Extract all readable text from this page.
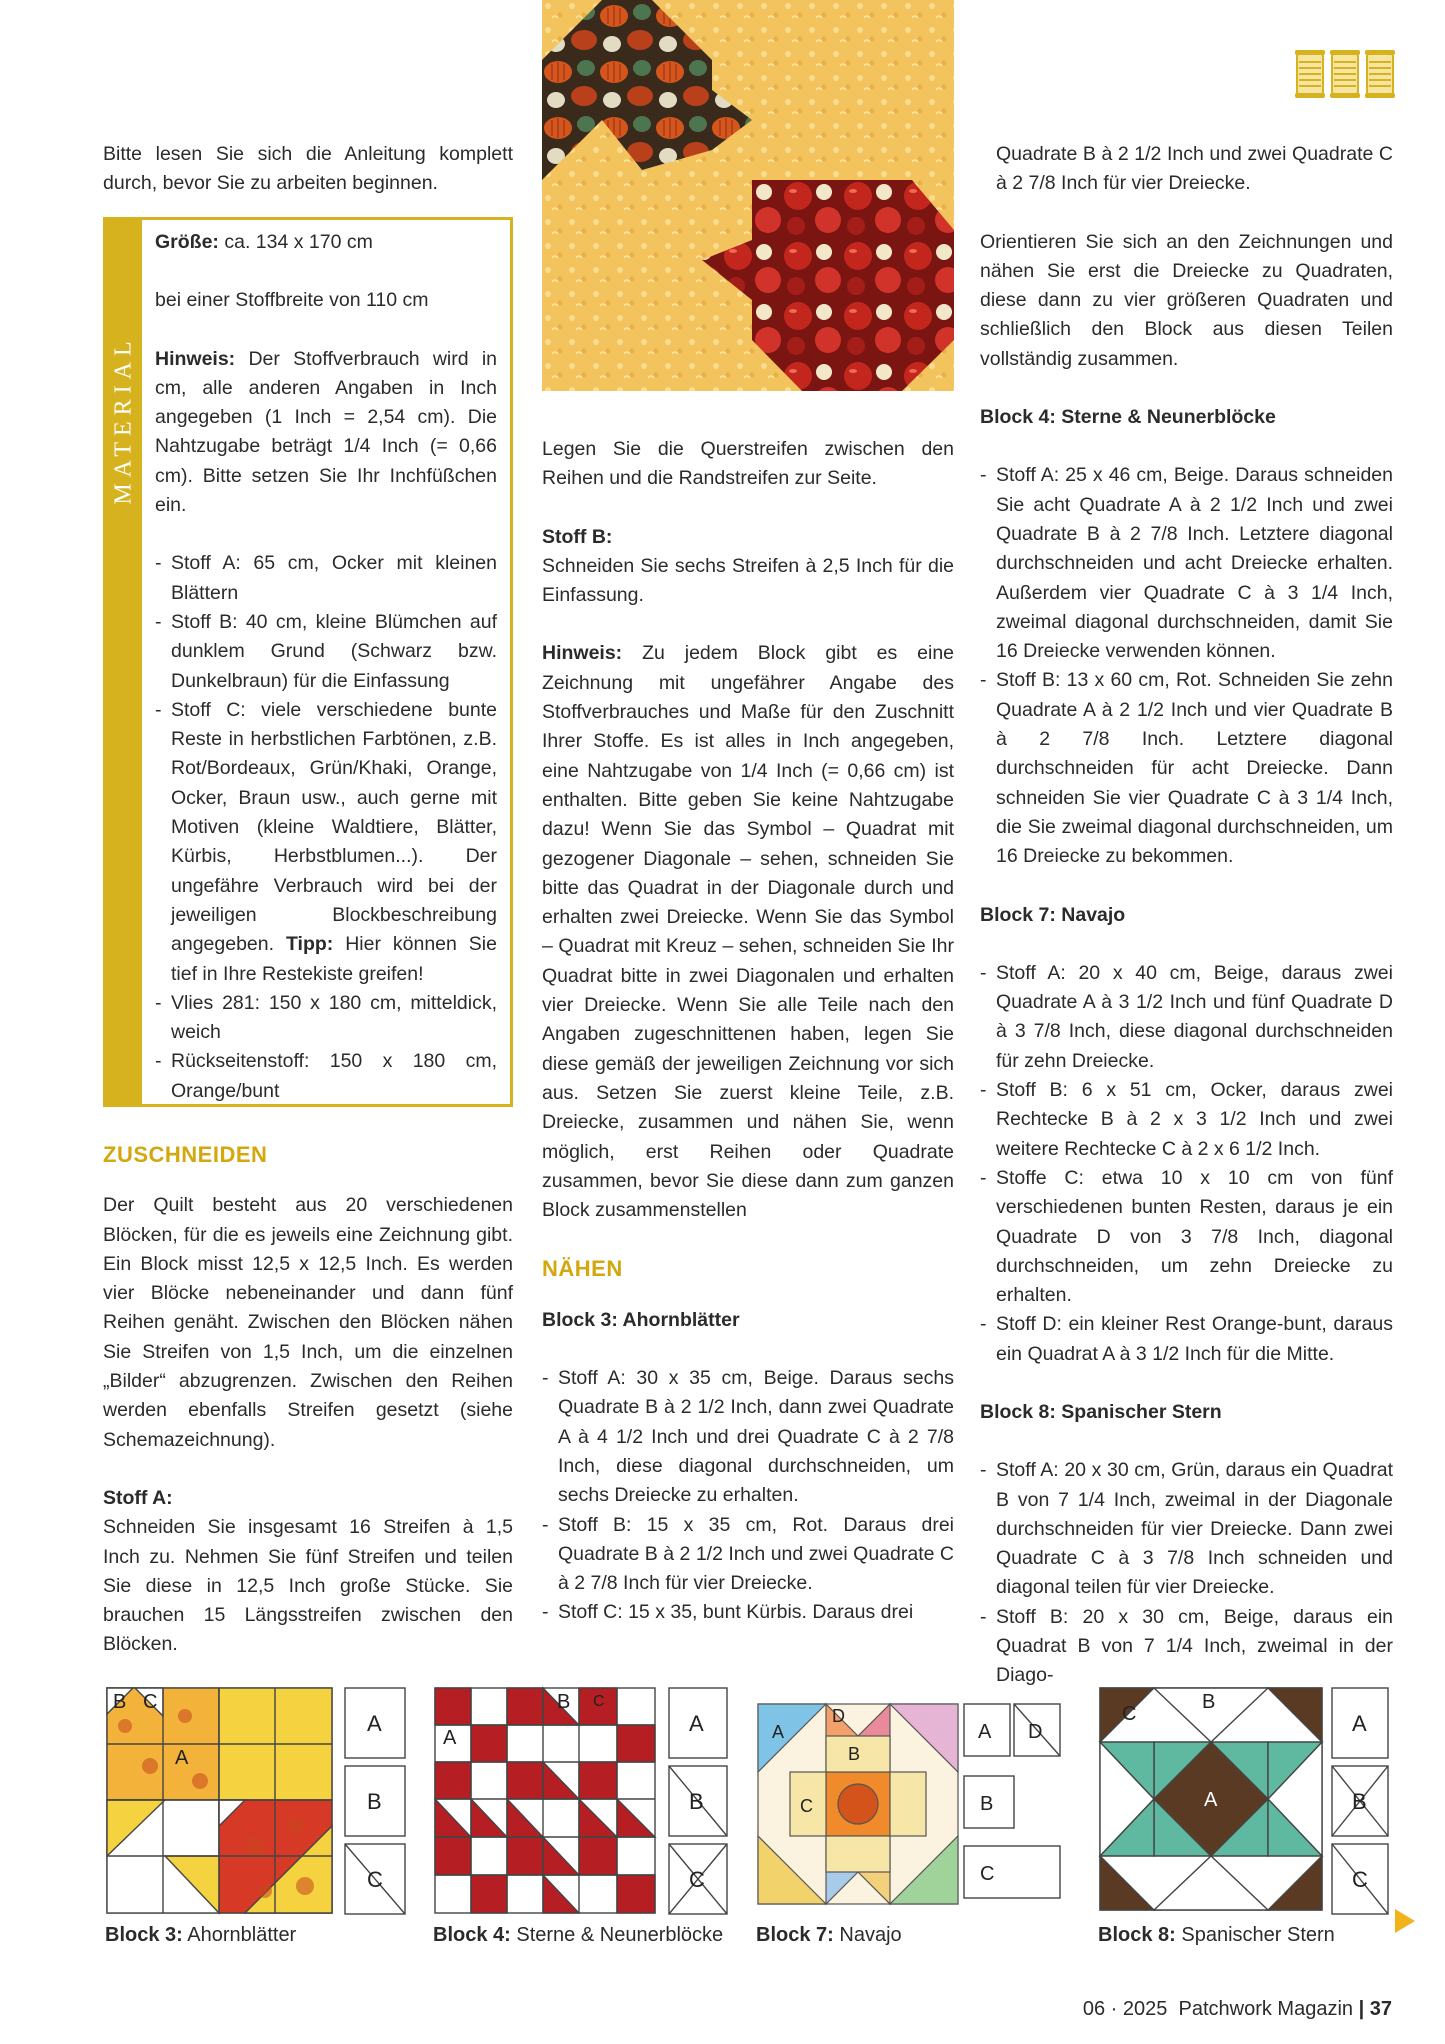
Bitte lesen Sie sich die Anleitung komplett durch, bevor Sie zu arbeiten beginnen.

MATERIAL

Größe: ca. 134 x 170 cm

bei einer Stoffbreite von 110 cm

Hinweis: Der Stoffverbrauch wird in cm, alle anderen Angaben in Inch angegeben (1 Inch = 2,54 cm). Die Nahtzugabe beträgt 1/4 Inch (= 0,66 cm). Bitte setzen Sie Ihr Inchfüßchen ein.

- Stoff A: 65 cm, Ocker mit kleinen Blättern
- Stoff B: 40 cm, kleine Blümchen auf dunklem Grund (Schwarz bzw. Dunkelbraun) für die Einfassung
- Stoff C: viele verschiedene bunte Reste in herbstlichen Farbtönen, z.B. Rot/Bordeaux, Grün/Khaki, Orange, Ocker, Braun usw., auch gerne mit Motiven (kleine Waldtiere, Blätter, Kürbis, Herbstblumen...). Der ungefähre Verbrauch wird bei der jeweiligen Blockbeschreibung angegeben. Tipp: Hier können Sie tief in Ihre Restekiste greifen!
- Vlies 281: 150 x 180 cm, mitteldick, weich
- Rückseitenstoff: 150 x 180 cm, Orange/bunt
ZUSCHNEIDEN

Der Quilt besteht aus 20 verschiedenen Blöcken, für die es jeweils eine Zeichnung gibt. Ein Block misst 12,5 x 12,5 Inch. Es werden vier Blöcke nebeneinander und dann fünf Reihen genäht. Zwischen den Blöcken nähen Sie Streifen von 1,5 Inch, um die einzelnen „Bilder“ abzugrenzen. Zwischen den Reihen werden ebenfalls Streifen gesetzt (siehe Schemazeichnung).

Stoff A:

Schneiden Sie insgesamt 16 Streifen à 1,5 Inch zu. Nehmen Sie fünf Streifen und teilen Sie diese in 12,5 Inch große Stücke. Sie brauchen 15 Längsstreifen zwischen den Blöcken.

Legen Sie die Querstreifen zwischen den Reihen und die Randstreifen zur Seite.

Stoff B:

Schneiden Sie sechs Streifen à 2,5 Inch für die Einfassung.

Hinweis: Zu jedem Block gibt es eine Zeichnung mit ungefährer Angabe des Stoffverbrauches und Maße für den Zuschnitt Ihrer Stoffe. Es ist alles in Inch angegeben, eine Nahtzugabe von 1/4 Inch (= 0,66 cm) ist enthalten. Bitte geben Sie keine Nahtzugabe dazu! Wenn Sie das Symbol – Quadrat mit gezogener Diagonale – sehen, schneiden Sie bitte das Quadrat in der Diagonale durch und erhalten zwei Dreiecke. Wenn Sie das Symbol – Quadrat mit Kreuz – sehen, schneiden Sie Ihr Quadrat bitte in zwei Diagonalen und erhalten vier Dreiecke. Wenn Sie alle Teile nach den Angaben zugeschnittenen haben, legen Sie diese gemäß der jeweiligen Zeichnung vor sich aus. Setzen Sie zuerst kleine Teile, z.B. Dreiecke, zusammen und nähen Sie, wenn möglich, erst Reihen oder Quadrate zusammen, bevor Sie diese dann zum ganzen Block zusammenstellen

NÄHEN
Block 3: Ahornblätter
- Stoff A: 30 x 35 cm, Beige. Daraus sechs Quadrate B à 2 1/2 Inch, dann zwei Quadrate A à 4 1/2 Inch und drei Quadrate C à 2 7/8 Inch, diese diagonal durchschneiden, um sechs Dreiecke zu erhalten.
- Stoff B: 15 x 35 cm, Rot. Daraus drei Quadrate B à 2 1/2 Inch und zwei Quadrate C à 2 7/8 Inch für vier Dreiecke.
- Stoff C: 15 x 35, bunt Kürbis. Daraus drei

Quadrate B à 2 1/2 Inch und zwei Quadrate C à 2 7/8 Inch für vier Dreiecke.

Orientieren Sie sich an den Zeichnungen und nähen Sie erst die Dreiecke zu Quadraten, diese dann zu vier größeren Quadraten und schließlich den Block aus diesen Teilen vollständig zusammen.

Block 4: Sterne & Neunerblöcke
- Stoff A: 25 x 46 cm, Beige. Daraus schneiden Sie acht Quadrate A à 2 1/2 Inch und zwei Quadrate B à 2 7/8 Inch. Letztere diagonal durchschneiden und acht Dreiecke erhalten. Außerdem vier Quadrate C à 3 1/4 Inch, zweimal diagonal durchschneiden, damit Sie 16 Dreiecke verwenden können.
- Stoff B: 13 x 60 cm, Rot. Schneiden Sie zehn Quadrate A à 2 1/2 Inch und vier Quadrate B à 2 7/8 Inch. Letztere diagonal durchschneiden für acht Dreiecke. Dann schneiden Sie vier Quadrate C à 3 1/4 Inch, die Sie zweimal diagonal durchschneiden, um 16 Dreiecke zu bekommen.
Block 7: Navajo
- Stoff A: 20 x 40 cm, Beige, daraus zwei Quadrate A à 3 1/2 Inch und fünf Quadrate D à 3 7/8 Inch, diese diagonal durchschneiden für zehn Dreiecke.
- Stoff B: 6 x 51 cm, Ocker, daraus zwei Rechtecke B à 2 x 3 1/2 Inch und zwei weitere Rechtecke C à 2 x 6 1/2 Inch.
- Stoffe C: etwa 10 x 10 cm von fünf verschiedenen bunten Resten, daraus je ein Quadrate D von 3 7/8 Inch, diagonal durchschneiden, um zehn Dreiecke zu erhalten.
- Stoff D: ein kleiner Rest Orange-bunt, daraus ein Quadrat A à 3 1/2 Inch für die Mitte.
Block 8: Spanischer Stern
- Stoff A: 20 x 30 cm, Grün, daraus ein Quadrat B von 7 1/4 Inch, zweimal in der Diagonale durchschneiden für vier Dreiecke. Dann zwei Quadrate C à 3 7/8 Inch schneiden und diagonal teilen für vier Dreiecke.
- Stoff B: 20 x 30 cm, Beige, daraus ein Quadrat B von 7 1/4 Inch, zweimal in der Diago-
B C
A
A
B
C
A
B C
A
B
C
A
D
B
C
A D
B
C
C
B
A
A
B
C
Block 3: Ahornblätter	Block 4: Sterne & Neunerblöcke Block 7: Navajo	Block 8: Spanischer Stern
06 · 2025 Patchwork Magazin | 37
